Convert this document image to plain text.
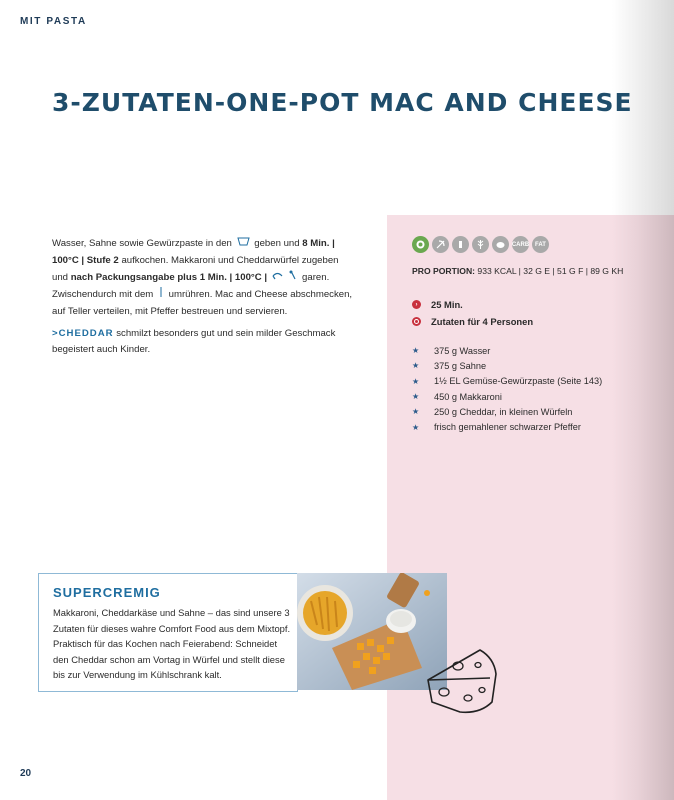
MIT PASTA
3-ZUTATEN-ONE-POT MAC AND CHEESE
Wasser, Sahne sowie Gewürzpaste in den geben und 8 Min. | 100°C | Stufe 2 aufkochen. Makkaroni und Cheddarwürfel zugeben und nach Packungsangabe plus 1 Min. | 100°C |	garen. Zwischendurch mit dem umrühren. Mac and Cheese abschmecken, auf Teller verteilen, mit Pfeffer bestreuen und servieren.
>CHEDDAR schmilzt besonders gut und sein milder Geschmack begeistert auch Kinder.
CARB FAT
PRO PORTION: 933 KCAL | 32 G E | 51 G F | 89 G KH
›	25 Min.
Zutaten für 4 Personen
★	375 g Wasser
★	375 g Sahne
★	1½ EL Gemüse-Gewürzpaste (Seite 143)
★	450 g Makkaroni
★	250 g Cheddar, in kleinen Würfeln
★	frisch gemahlener schwarzer Pfeffer
SUPERCREMIG
Makkaroni, Cheddarkäse und Sahne – das sind unsere 3 Zutaten für dieses wahre Comfort Food aus dem Mixtopf. Praktisch für das Kochen nach Feierabend: Schneidet den Cheddar schon am Vortag in Würfel und stellt diese bis zur Verwendung im Kühlschrank kalt.
20
